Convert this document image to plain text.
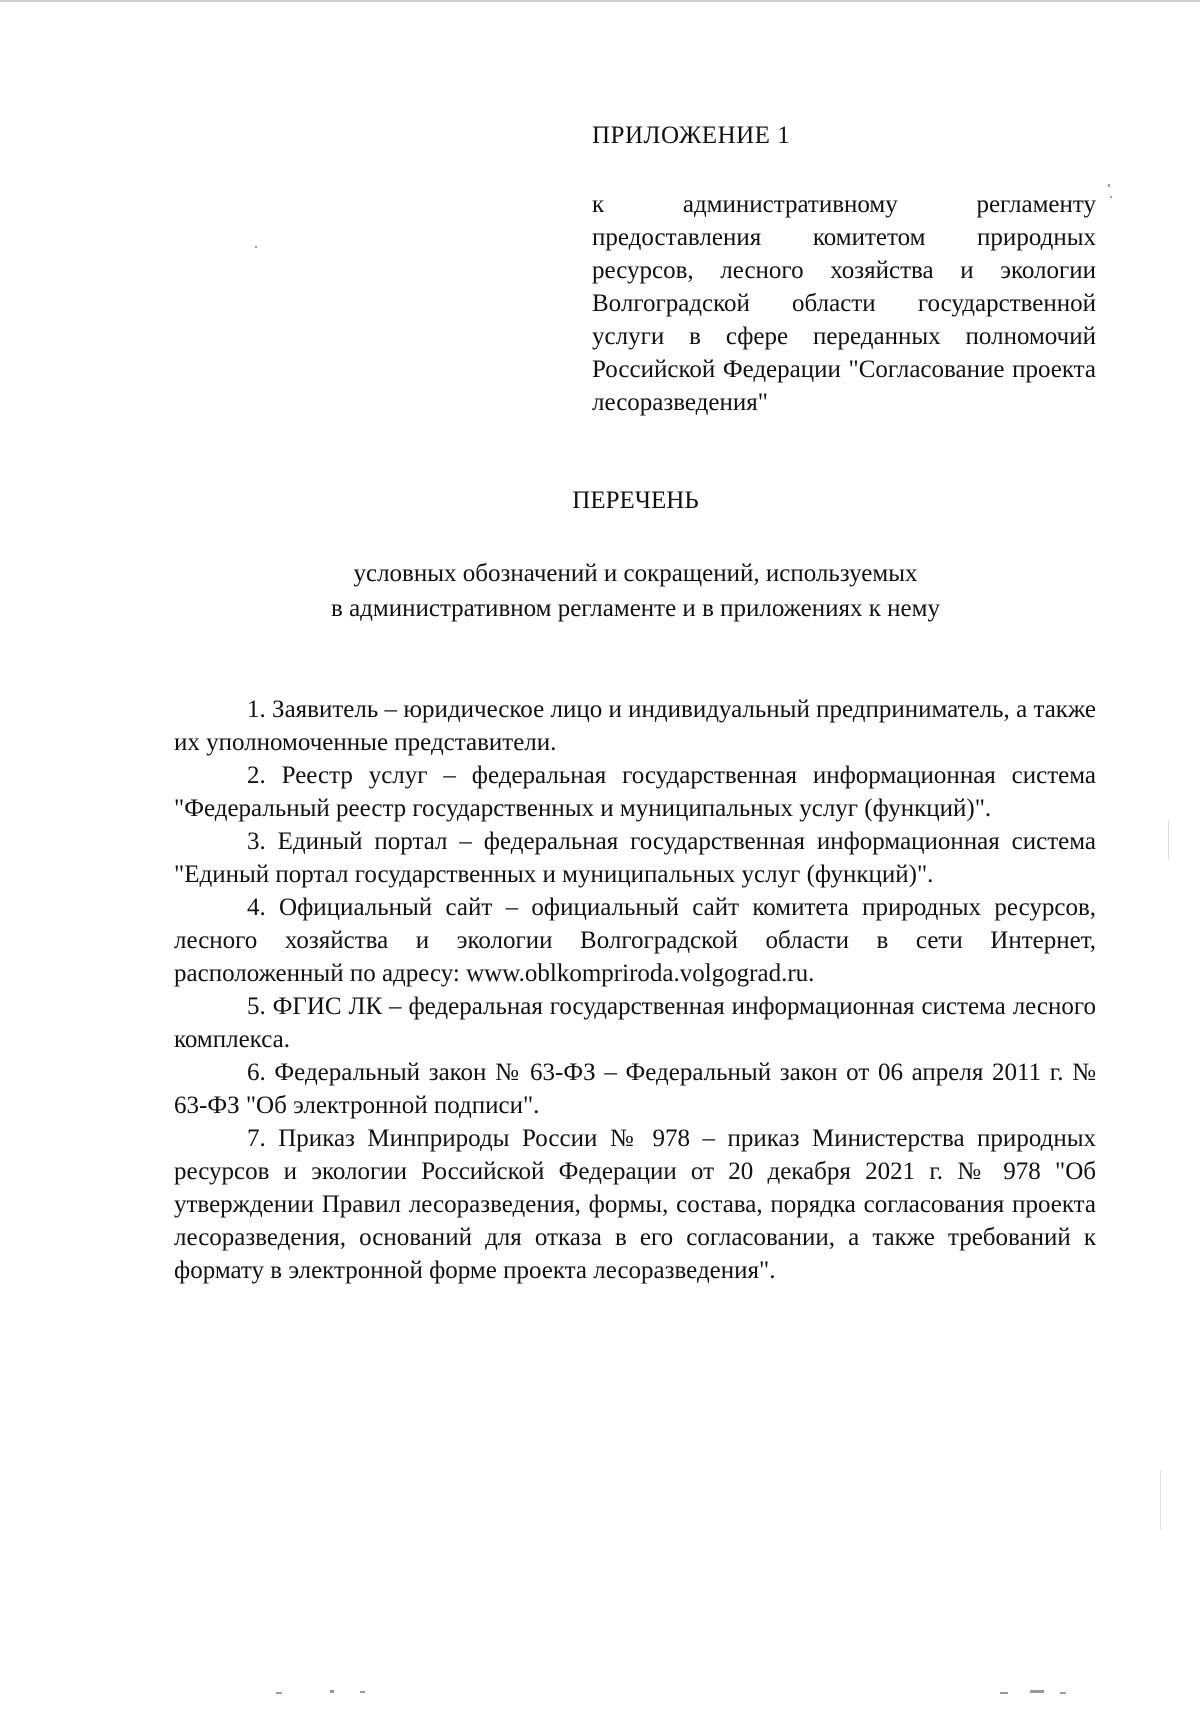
ПРИЛОЖЕНИЕ 1
к административному регламенту предоставления комитетом природных ресурсов, лесного хозяйства и экологии Волгоградской области государственной услуги в сфере переданных полномочий Российской Федерации "Согласование проекта лесоразведения"
ПЕРЕЧЕНЬ
условных обозначений и сокращений, используемых
в административном регламенте и в приложениях к нему

1. Заявитель – юридическое лицо и индивидуальный предприниматель, а также их уполномоченные представители.

2. Реестр услуг – федеральная государственная информационная система "Федеральный реестр государственных и муниципальных услуг (функций)".

3. Единый портал – федеральная государственная информационная система "Единый портал государственных и муниципальных услуг (функций)".

4. Официальный сайт – официальный сайт комитета природных ресурсов, лесного хозяйства и экологии Волгоградской области в сети Интернет, расположенный по адресу: www.oblkompriroda.volgograd.ru.

5. ФГИС ЛК – федеральная государственная информационная система лесного комплекса.

6. Федеральный закон № 63-ФЗ – Федеральный закон от 06 апреля 2011 г. № 63-ФЗ "Об электронной подписи".

7. Приказ Минприроды России № 978 – приказ Министерства природных ресурсов и экологии Российской Федерации от 20 декабря 2021 г. № 978 "Об утверждении Правил лесоразведения, формы, состава, порядка согласования проекта лесоразведения, оснований для отказа в его согласовании, а также требований к формату в электронной форме проекта лесоразведения".
